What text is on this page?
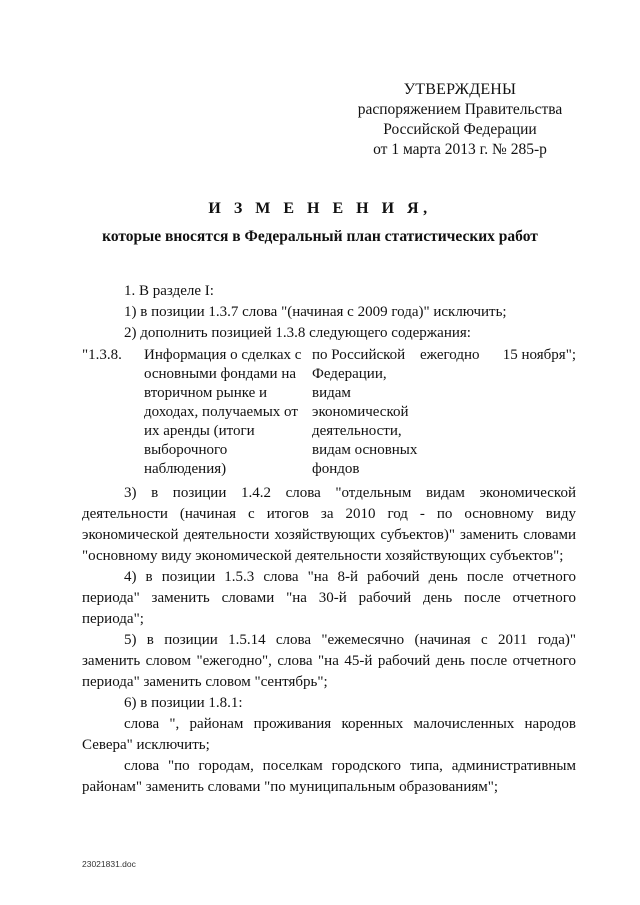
УТВЕРЖДЕНЫ
распоряжением Правительства
Российской Федерации
от 1 марта 2013 г. № 285-р
И З М Е Н Е Н И Я,
которые вносятся в Федеральный план статистических работ

1. В разделе I:

1) в позиции 1.3.7 слова "(начиная с 2009 года)" исключить;

2) дополнить позицией 1.3.8 следующего содержания:

"1.3.8.	Информация о сделках с основными фондами на вторичном рынке и доходах, получаемых от их аренды (итоги выборочного наблюдения)
по Российской Федерации, видам экономической деятельности, видам основных фондов
ежегодно	15 ноября";

3) в позиции 1.4.2 слова "отдельным видам экономической деятельности (начиная с итогов за 2010 год - по основному виду экономической деятельности хозяйствующих субъектов)" заменить словами "основному виду экономической деятельности хозяйствующих субъектов";

4) в позиции 1.5.3 слова "на 8-й рабочий день после отчетного периода" заменить словами "на 30-й рабочий день после отчетного периода";

5) в позиции 1.5.14 слова "ежемесячно (начиная с 2011 года)" заменить словом "ежегодно", слова "на 45-й рабочий день после отчетного периода" заменить словом "сентябрь";

6) в позиции 1.8.1:

слова ", районам проживания коренных малочисленных народов Севера" исключить;

слова "по городам, поселкам городского типа, административным районам" заменить словами "по муниципальным образованиям";

23021831.doc
